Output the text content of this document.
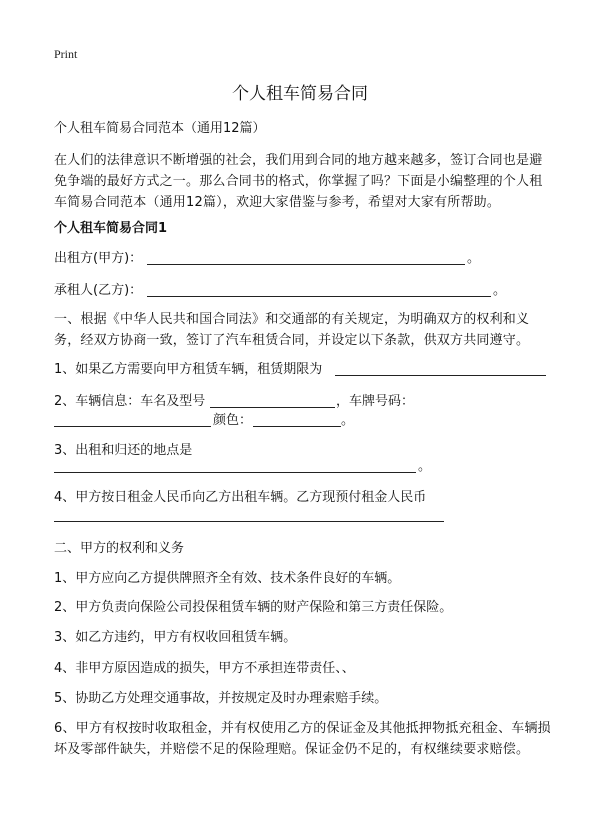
Print
个人租车简易合同
个人租车简易合同范本（通用12篇）
在人们的法律意识不断增强的社会，我们用到合同的地方越来越多，签订合同也是避免争端的最好方式之一。那么合同书的格式，你掌握了吗？下面是小编整理的个人租车简易合同范本（通用12篇），欢迎大家借鉴与参考，希望对大家有所帮助。
个人租车简易合同1
出租方(甲方)：	。
承租人(乙方)：	。
一、根据《中华人民共和国合同法》和交通部的有关规定，为明确双方的权利和义务，经双方协商一致，签订了汽车租赁合同，并设定以下条款，供双方共同遵守。
1、如果乙方需要向甲方租赁车辆，租赁期限为
2、车辆信息：车名及型号	，车牌号码：
颜色：	。
3、出租和归还的地点是
。
4、甲方按日租金人民币向乙方出租车辆。乙方现预付租金人民币
二、甲方的权利和义务
1、甲方应向乙方提供牌照齐全有效、技术条件良好的车辆。
2、甲方负责向保险公司投保租赁车辆的财产保险和第三方责任保险。
3、如乙方违约，甲方有权收回租赁车辆。
4、非甲方原因造成的损失，甲方不承担连带责任、、
5、协助乙方处理交通事故，并按规定及时办理索赔手续。
6、甲方有权按时收取租金，并有权使用乙方的保证金及其他抵押物抵充租金、车辆损坏及零部件缺失，并赔偿不足的保险理赔。保证金仍不足的，有权继续要求赔偿。
